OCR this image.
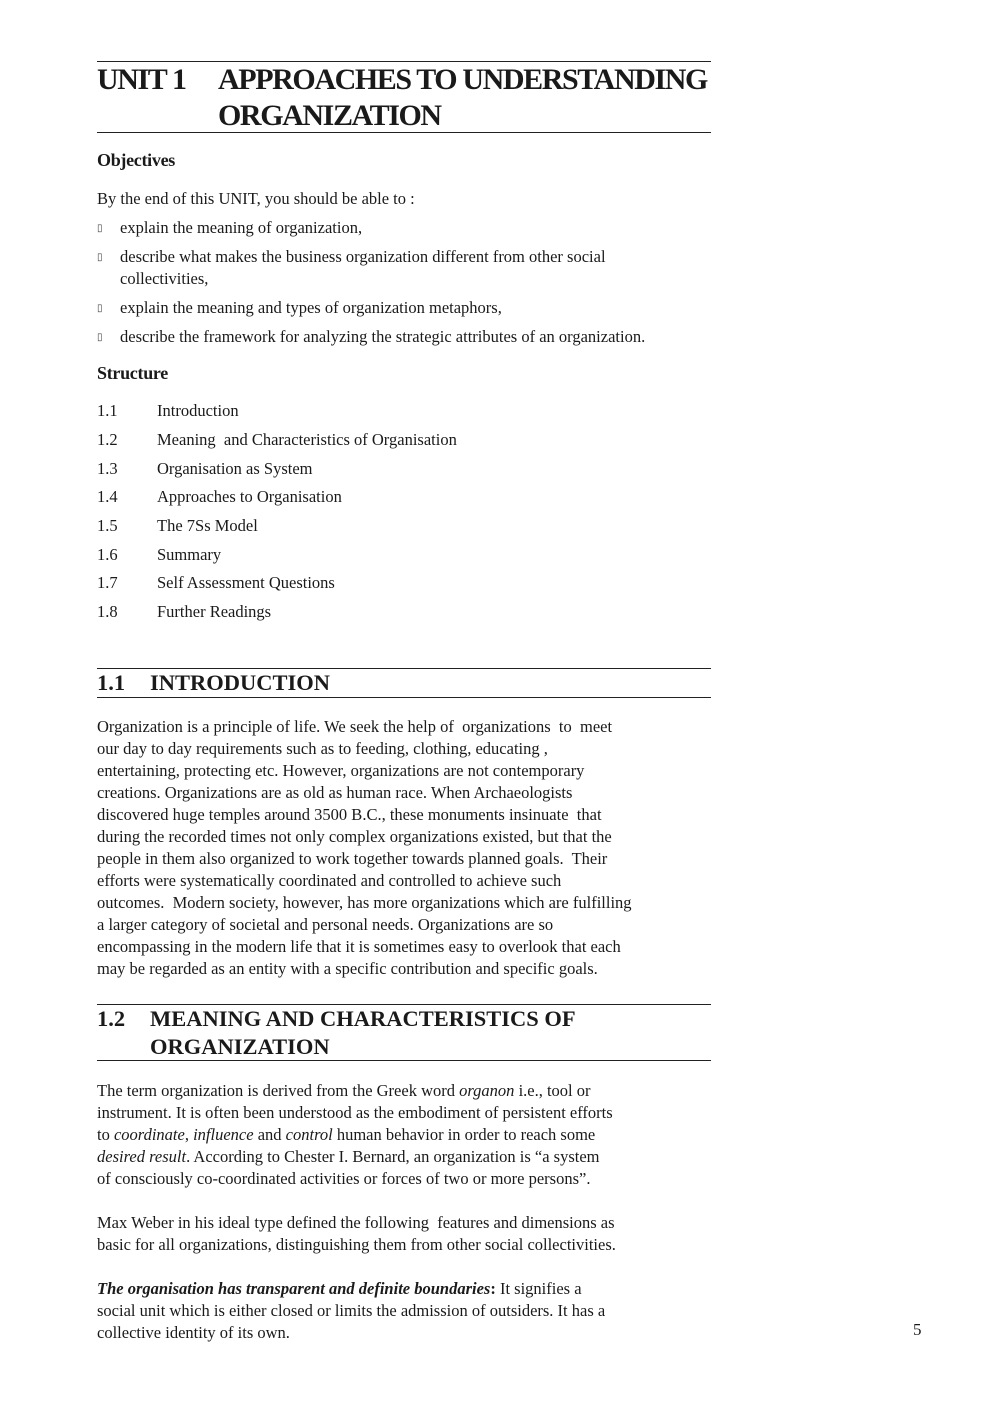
UNIT 1 APPROACHES TO UNDERSTANDING
ORGANIZATION
Objectives
By the end of this UNIT, you should be able to :
▯ explain the meaning of organization,
▯ describe what makes the business organization different from other social
collectivities,
▯ explain the meaning and types of organization metaphors,
▯ describe the framework for analyzing the strategic attributes of an organization.
Structure
1.1 Introduction
1.2 Meaning  and Characteristics of Organisation
1.3 Organisation as System
1.4 Approaches to Organisation
1.5 The 7Ss Model
1.6 Summary
1.7 Self Assessment Questions
1.8 Further Readings
1.1 INTRODUCTION
Organization is a principle of life. We seek the help of  organizations  to  meet
our day to day requirements such as to feeding, clothing, educating ,
entertaining, protecting etc. However, organizations are not contemporary
creations. Organizations are as old as human race. When Archaeologists
discovered huge temples around 3500 B.C., these monuments insinuate  that
during the recorded times not only complex organizations existed, but that the
people in them also organized to work together towards planned goals.  Their
efforts were systematically coordinated and controlled to achieve such
outcomes.  Modern society, however, has more organizations which are fulfilling
a larger category of societal and personal needs. Organizations are so
encompassing in the modern life that it is sometimes easy to overlook that each
may be regarded as an entity with a specific contribution and specific goals.
1.2 MEANING AND CHARACTERISTICS OF
ORGANIZATION
The term organization is derived from the Greek word organon i.e., tool or
instrument. It is often been understood as the embodiment of persistent efforts
to coordinate, influence and control human behavior in order to reach some
desired result. According to Chester I. Bernard, an organization is “a system
of consciously co-coordinated activities or forces of two or more persons”.
Max Weber in his ideal type defined the following  features and dimensions as
basic for all organizations, distinguishing them from other social collectivities.
The organisation has transparent and definite boundaries: It signifies a
social unit which is either closed or limits the admission of outsiders. It has a
collective identity of its own.	5
